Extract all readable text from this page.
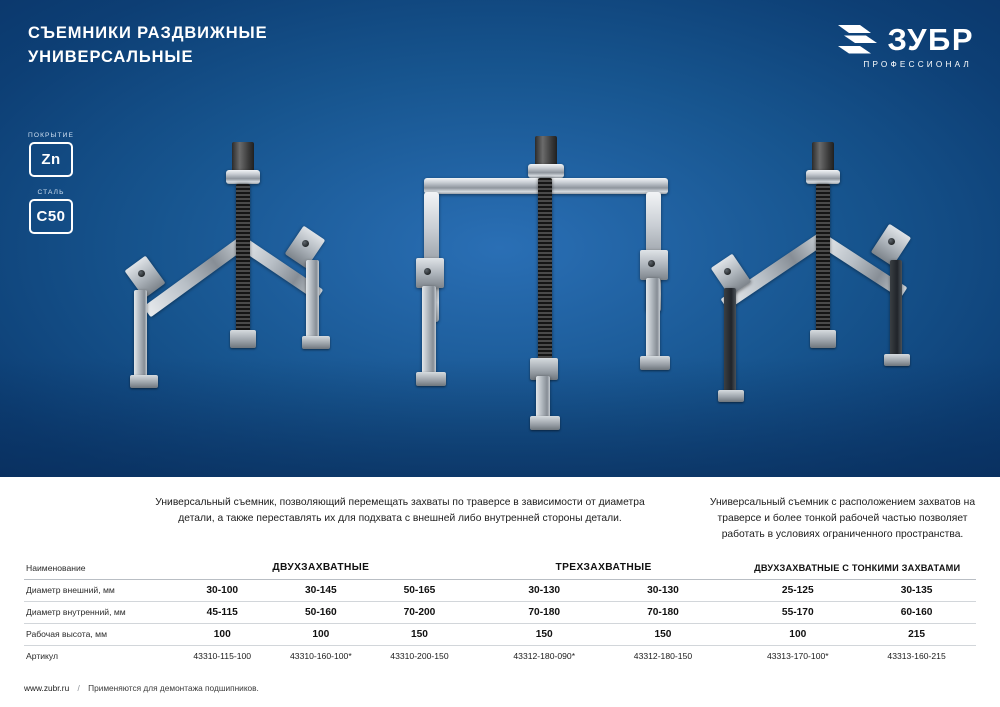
СЪЕМНИКИ РАЗДВИЖНЫЕ
УНИВЕРСАЛЬНЫЕ
ЗУБР
ПРОФЕССИОНАЛ
ПОКРЫТИЕ
Zn
СТАЛЬ
С50
Универсальный съемник, позволяющий перемещать захваты по траверсе в зависимости от диаметра детали, а также переставлять их для подхвата с внешней либо внутренней стороны детали.
Универсальный съемник с расположением захватов на траверсе и более тонкой рабочей частью позволяет работать в условиях ограниченного пространства.
Наименование	ДВУХЗАХВАТНЫЕ				ТРЕХЗАХВАТНЫЕ			ДВУХЗАХВАТНЫЕ С ТОНКИМИ ЗАХВАТАМИ	
Диаметр внешний, мм	30-100	30-145	50-165		30-130	30-130		25-125	30-135
Диаметр внутренний, мм	45-115	50-160	70-200		70-180	70-180		55-170	60-160
Рабочая высота, мм	100	100	150		150	150		100	215
Артикул	43310-115-100	43310-160-100*	43310-200-150		43312-180-090*	43312-180-150		43313-170-100*	43313-160-215
www.zubr.ru / Применяются для демонтажа подшипников.
